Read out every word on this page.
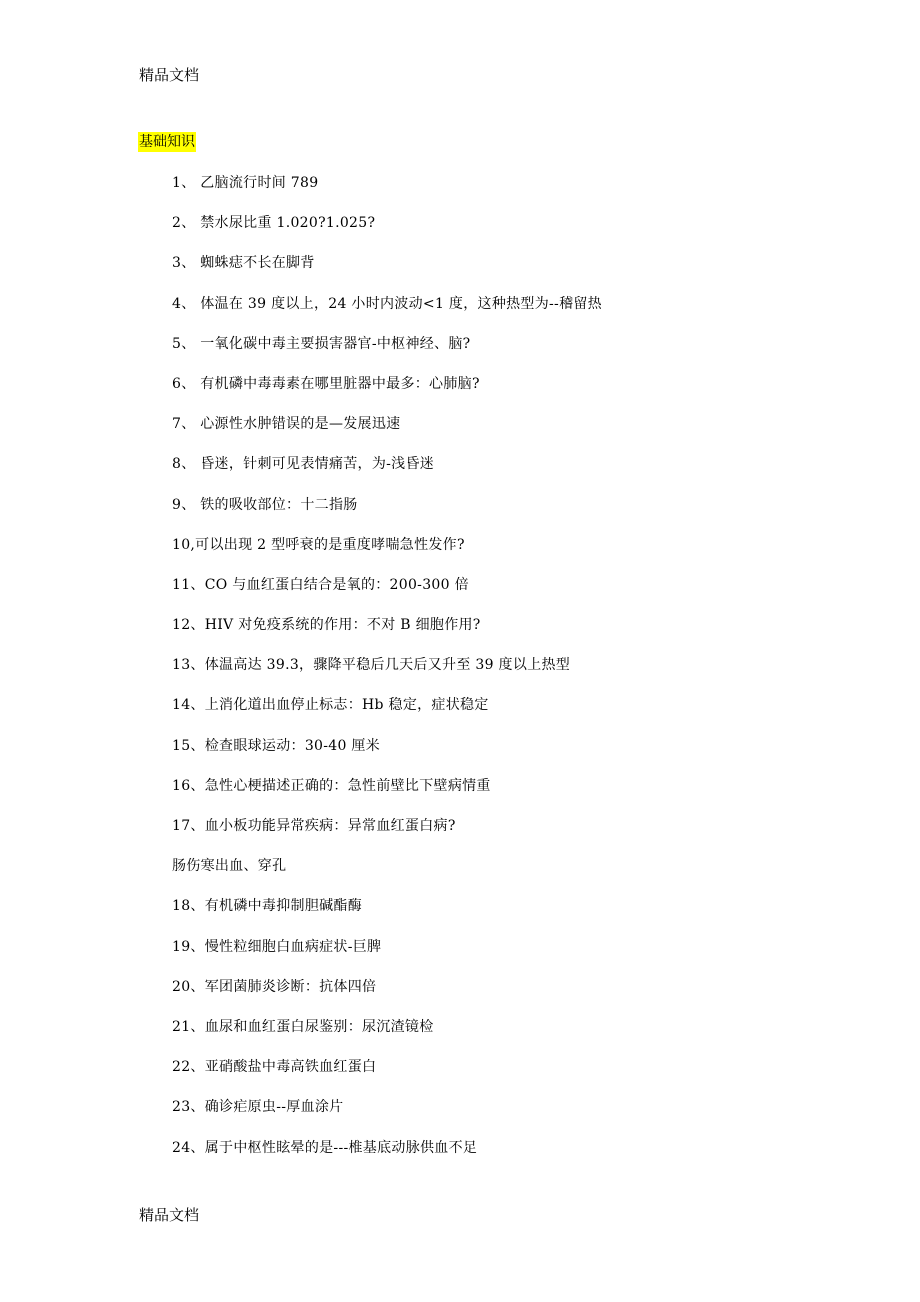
精品文档
基础知识
1、 乙脑流行时间 789
2、 禁水尿比重 1.020?1.025?
3、 蜘蛛痣不长在脚背
4、 体温在 39 度以上，24 小时内波动<1 度，这种热型为--稽留热
5、 一氧化碳中毒主要损害器官-中枢神经、脑?
6、 有机磷中毒毒素在哪里脏器中最多：心肺脑?
7、 心源性水肿错误的是—发展迅速
8、 昏迷，针刺可见表情痛苦，为-浅昏迷
9、 铁的吸收部位：十二指肠
10,可以出现 2 型呼衰的是重度哮喘急性发作?
11、CO 与血红蛋白结合是氧的：200-300 倍
12、HIV 对免疫系统的作用：不对 B 细胞作用?
13、体温高达 39.3，骤降平稳后几天后又升至 39 度以上热型
14、上消化道出血停止标志：Hb 稳定，症状稳定
15、检查眼球运动：30-40 厘米
16、急性心梗描述正确的：急性前壁比下壁病情重
17、血小板功能异常疾病：异常血红蛋白病?
肠伤寒出血、穿孔
18、有机磷中毒抑制胆碱酯酶
19、慢性粒细胞白血病症状-巨脾
20、军团菌肺炎诊断：抗体四倍
21、血尿和血红蛋白尿鉴别：尿沉渣镜检
22、亚硝酸盐中毒高铁血红蛋白
23、确诊疟原虫--厚血涂片
24、属于中枢性眩晕的是---椎基底动脉供血不足
精品文档
